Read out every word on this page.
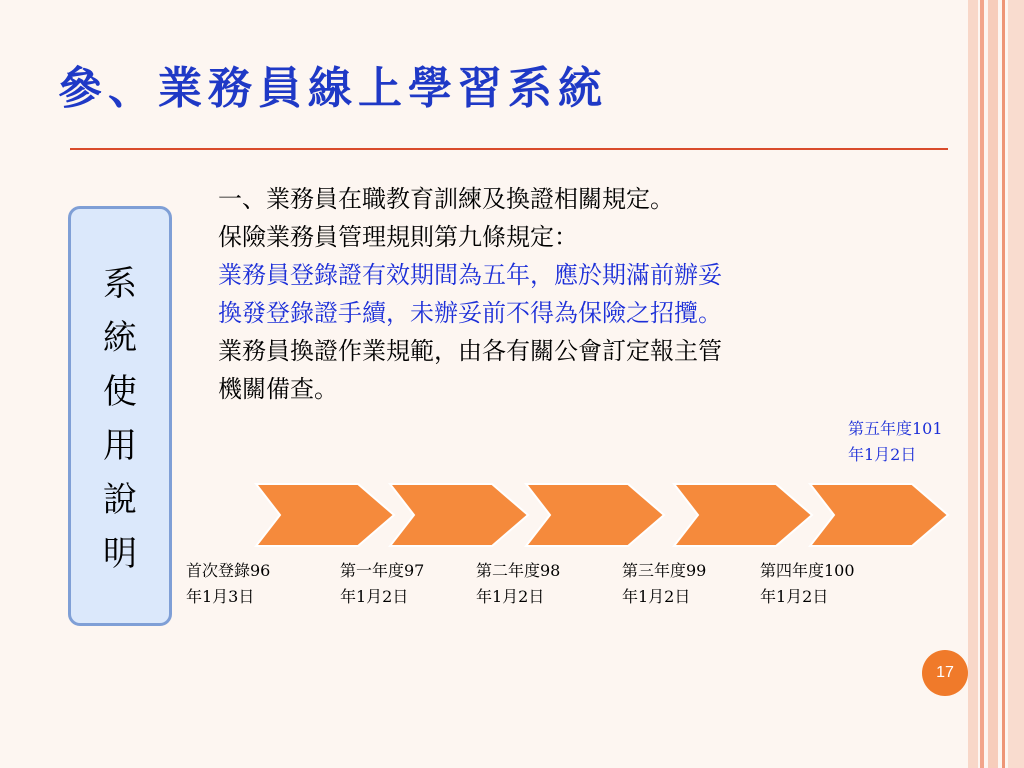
參、業務員線上學習系統
系統使用說明

一、業務員在職教育訓練及換證相關規定。

保險業務員管理規則第九條規定：

業務員登錄證有效期間為五年，應於期滿前辦妥

換發登錄證手續，未辦妥前不得為保險之招攬。

業務員換證作業規範，由各有關公會訂定報主管

機關備查。

首次登錄96
年1月3日
第一年度97
年1月2日
第二年度98
年1月2日
第三年度99
年1月2日
第四年度100
年1月2日
第五年度101
年1月2日
17
